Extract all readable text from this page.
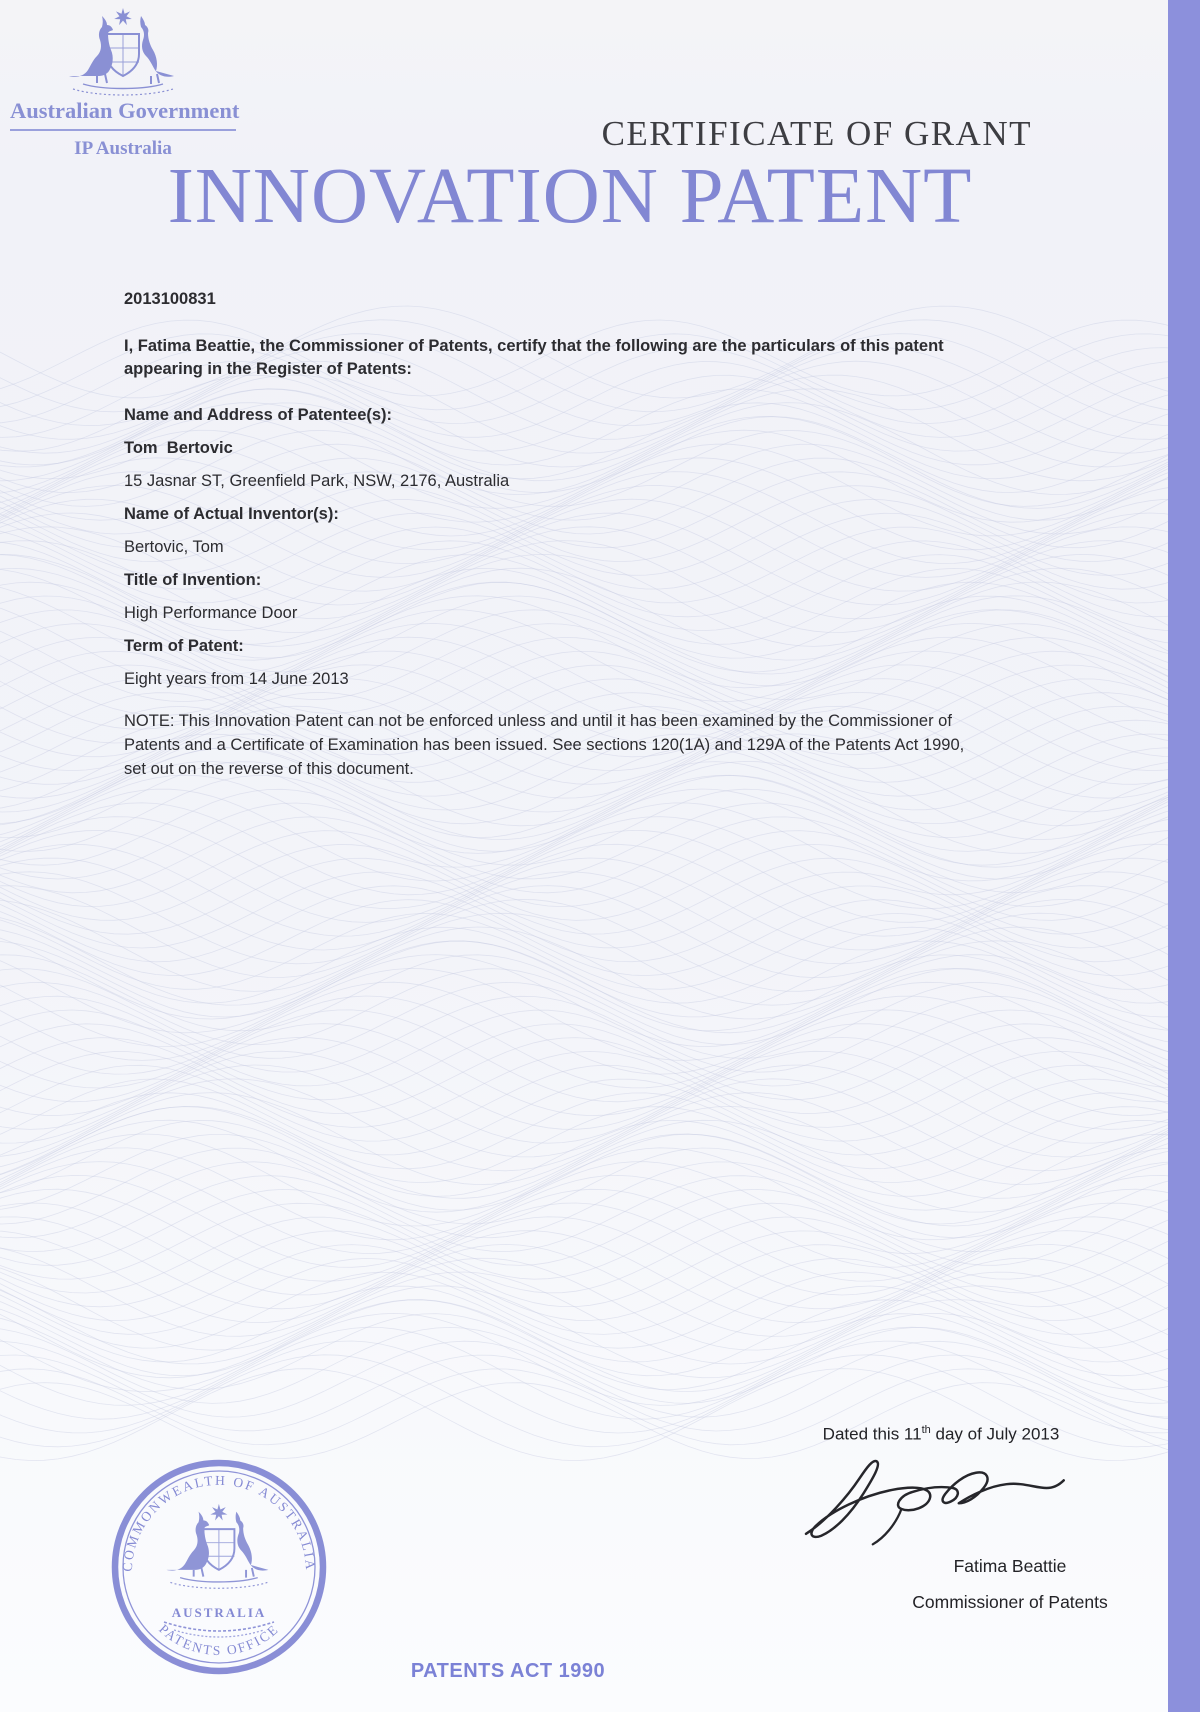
Australian Government
IP Australia	CERTIFICATE OF GRANT
INNOVATION PATENT

2013100831

I, Fatima Beattie, the Commissioner of Patents, certify that the following are the particulars of this patent appearing in the Register of Patents:

Name and Address of Patentee(s):

Tom  Bertovic

15 Jasnar ST, Greenfield Park, NSW, 2176, Australia

Name of Actual Inventor(s):

Bertovic, Tom

Title of Invention:

High Performance Door

Term of Patent:

Eight years from 14 June 2013

NOTE: This Innovation Patent can not be enforced unless and until it has been examined by the Commissioner of Patents and a Certificate of Examination has been issued. See sections 120(1A) and 129A of the Patents Act 1990, set out on the reverse of this document.

Dated this 11th day of July 2013
Fatima Beattie
Commissioner of Patents
COMMONWEALTH OF AUSTRALIA
PATENTS OFFICE
AUSTRALIA
PATENTS ACT 1990
